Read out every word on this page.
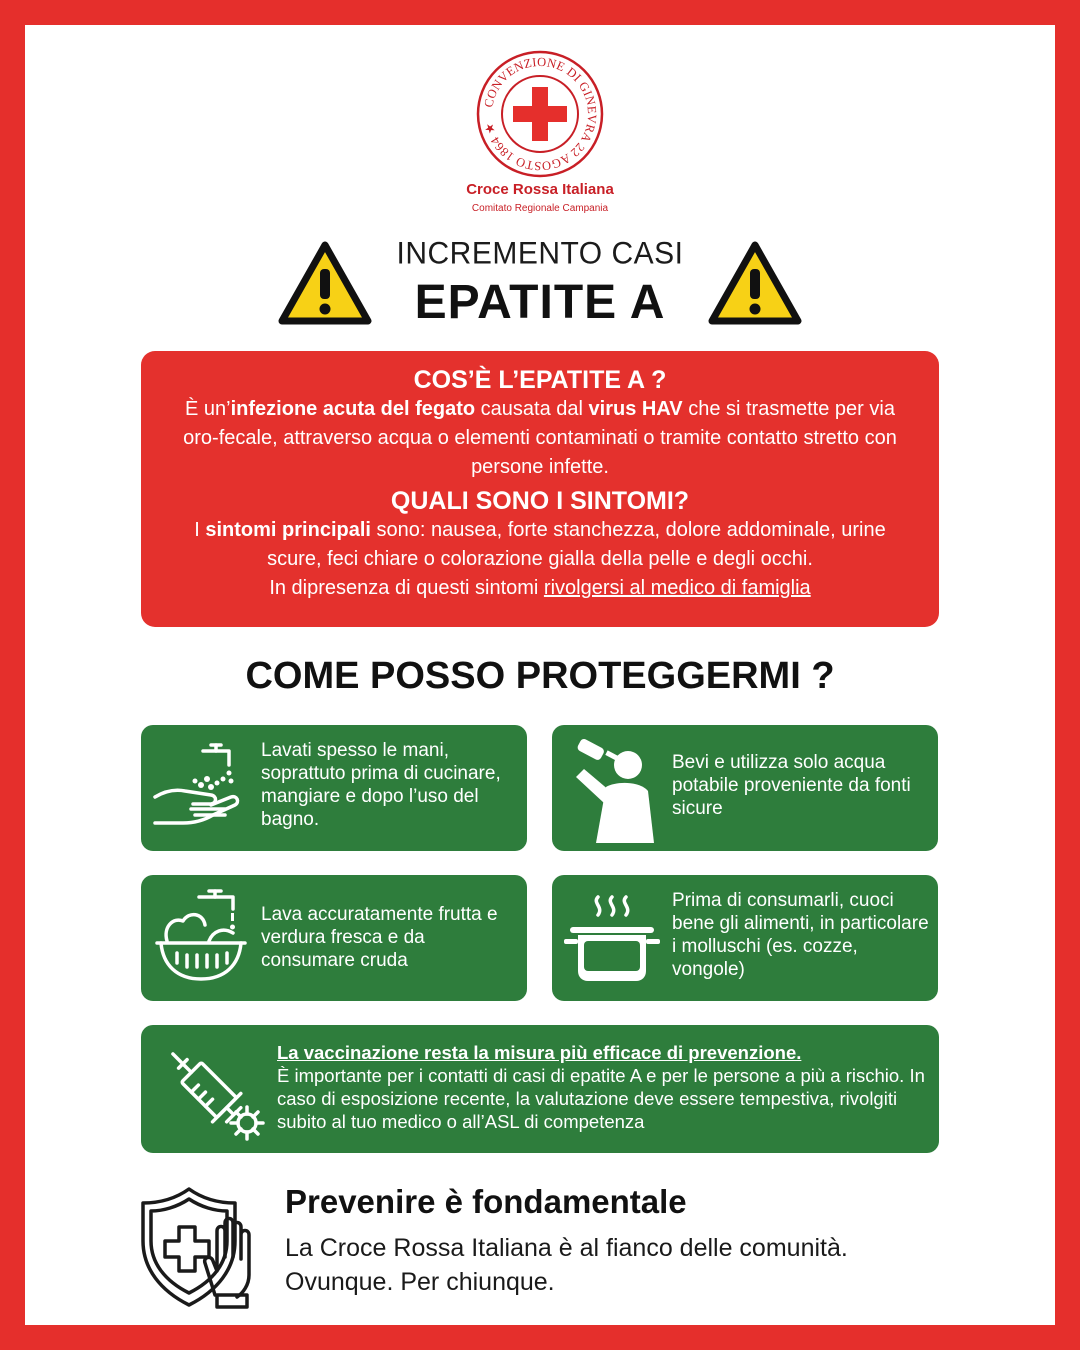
CONVENZIONE DI GINEVRA 22 AGOSTO 1864 ★
Croce Rossa Italiana
Comitato Regionale Campania
INCREMENTO CASI
EPATITE A
COS’È L’EPATITE A ?

È un’infezione acuta del fegato causata dal virus HAV che si trasmette per via oro-fecale, attraverso acqua o elementi contaminati o tramite contatto stretto con persone infette.

QUALI SONO I SINTOMI?

I sintomi principali sono: nausea, forte stanchezza, dolore addominale, urine scure, feci chiare o colorazione gialla della pelle e degli occhi.
In dipresenza di questi sintomi rivolgersi al medico di famiglia

COME POSSO PROTEGGERMI ?
Lavati spesso le mani, soprattuto prima di cucinare, mangiare e dopo l’uso del bagno.
Bevi e utilizza solo acqua potabile proveniente da fonti sicure
Lava accuratamente frutta e verdura fresca e da consumare cruda
Prima di consumarli, cuoci bene gli alimenti, in particolare i molluschi (es. cozze, vongole)
La vaccinazione resta la misura più efficace di prevenzione.
È importante per i contatti di casi di epatite A e per le persone a più a rischio. In caso di esposizione recente, la valutazione deve essere tempestiva, rivolgiti subito al tuo medico o all’ASL di competenza
Prevenire è fondamentale
La Croce Rossa Italiana è al fianco delle comunità.
Ovunque. Per chiunque.
